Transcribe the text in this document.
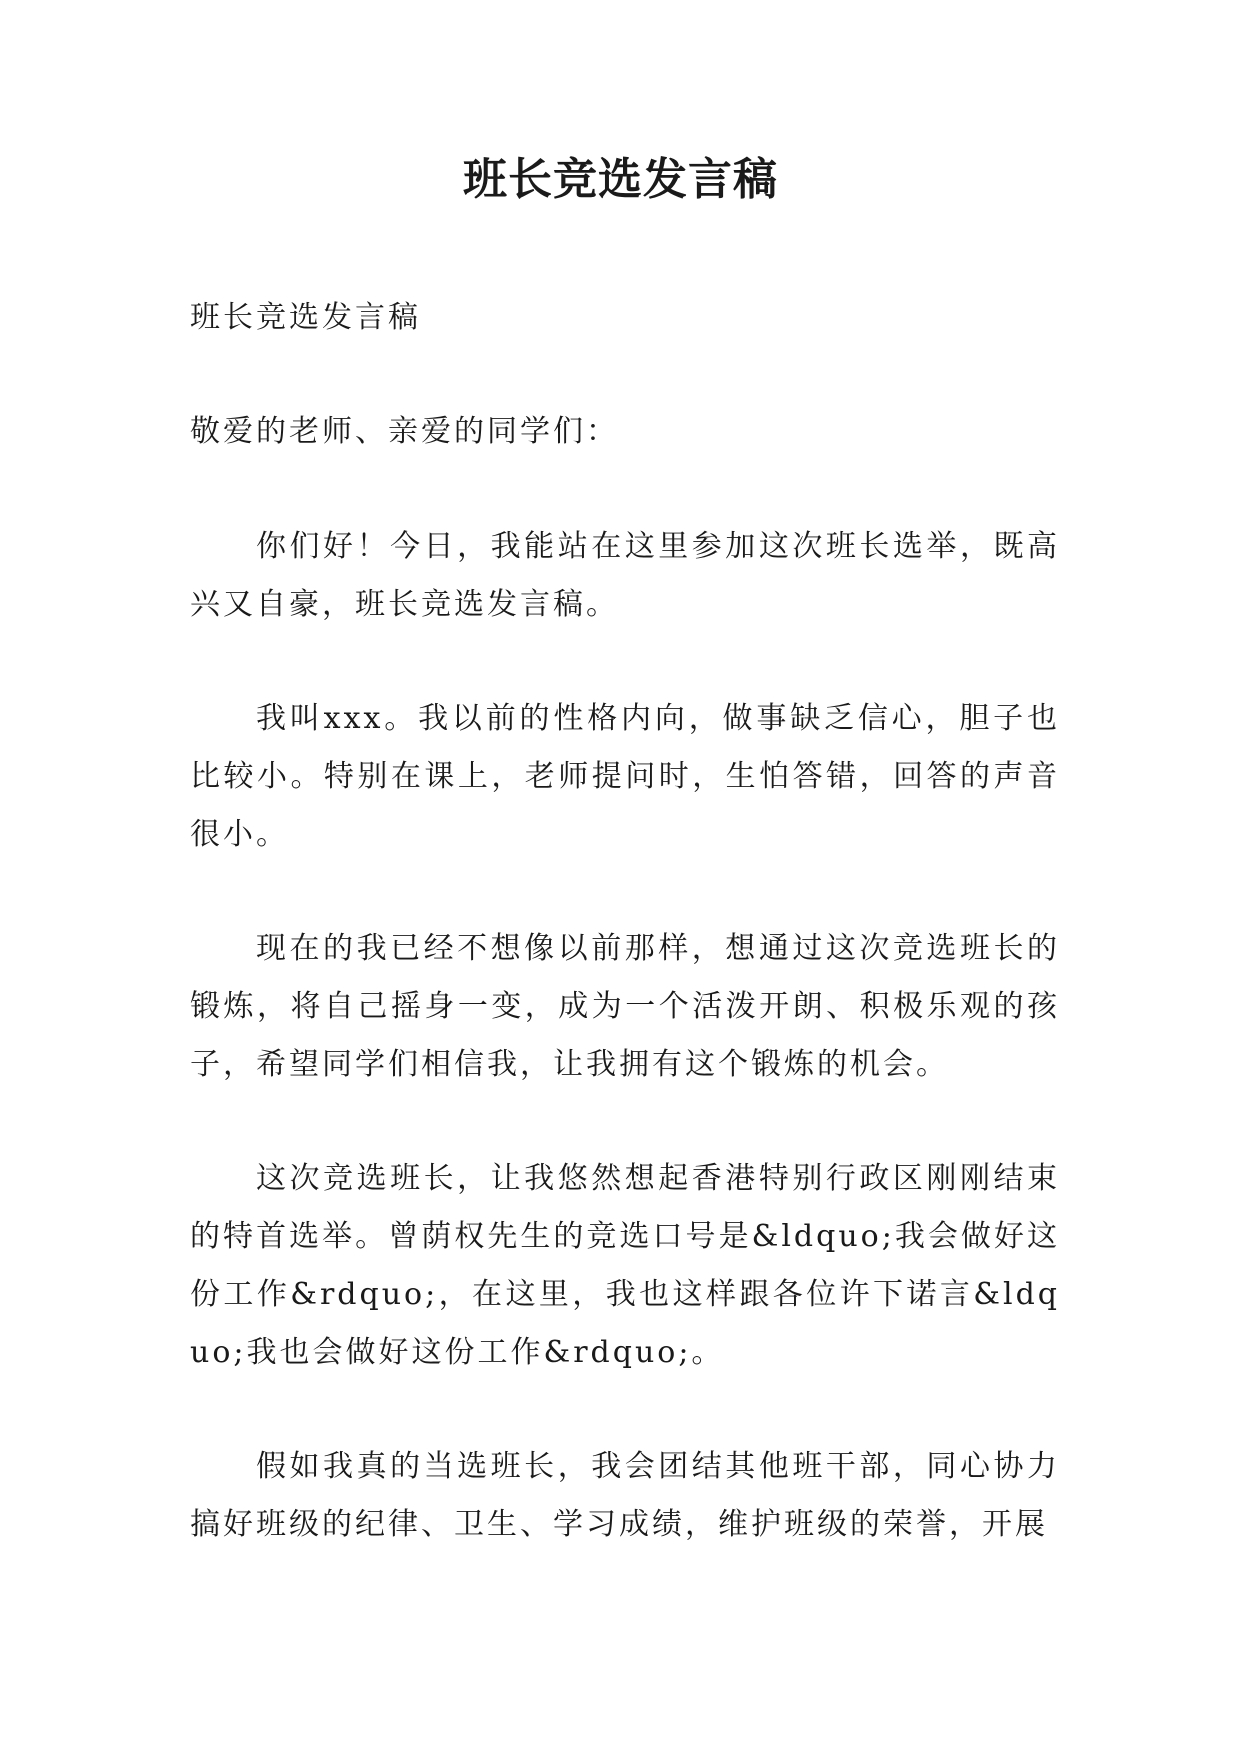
班长竞选发言稿

班长竞选发言稿

敬爱的老师、亲爱的同学们：

你们好！今日，我能站在这里参加这次班长选举，既高兴又自豪，班长竞选发言稿。

我叫xxx。我以前的性格内向，做事缺乏信心，胆子也比较小。特别在课上，老师提问时，生怕答错，回答的声音很小。

现在的我已经不想像以前那样，想通过这次竞选班长的锻炼，将自己摇身一变，成为一个活泼开朗、积极乐观的孩子，希望同学们相信我，让我拥有这个锻炼的机会。

这次竞选班长，让我悠然想起香港特别行政区刚刚结束的特首选举。曾荫权先生的竞选口号是&ldquo;我会做好这份工作&rdquo;，在这里，我也这样跟各位许下诺言&ldquo;我也会做好这份工作&rdquo;。

假如我真的当选班长，我会团结其他班干部，同心协力搞好班级的纪律、卫生、学习成绩，维护班级的荣誉，开展
